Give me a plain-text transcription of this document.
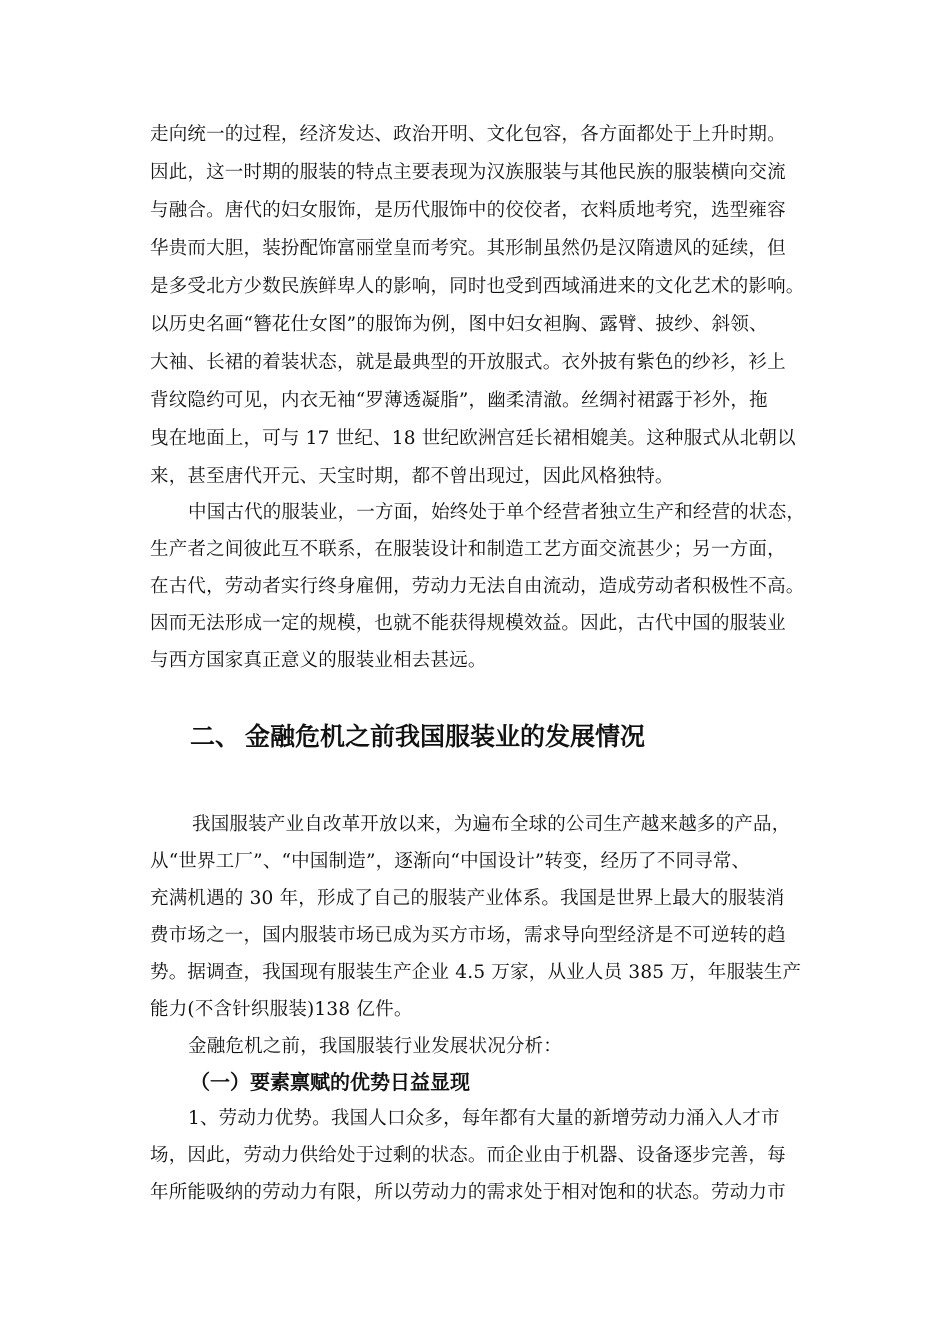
走向统一的过程，经济发达、政治开明、文化包容，各方面都处于上升时期。
因此，这一时期的服装的特点主要表现为汉族服装与其他民族的服装横向交流
与融合。唐代的妇女服饰，是历代服饰中的佼佼者，衣料质地考究，选型雍容
华贵而大胆，装扮配饰富丽堂皇而考究。其形制虽然仍是汉隋遗风的延续，但
是多受北方少数民族鲜卑人的影响，同时也受到西域涌进来的文化艺术的影响。
以历史名画“簪花仕女图”的服饰为例，图中妇女袒胸、露臂、披纱、斜领、
大袖、长裙的着装状态，就是最典型的开放服式。衣外披有紫色的纱衫，衫上
背纹隐约可见，内衣无袖“罗薄透凝脂”，幽柔清澈。丝绸衬裙露于衫外，拖
曳在地面上，可与 17 世纪、18 世纪欧洲宫廷长裙相媲美。这种服式从北朝以
来，甚至唐代开元、天宝时期，都不曾出现过，因此风格独特。
中国古代的服装业，一方面，始终处于单个经营者独立生产和经营的状态，
生产者之间彼此互不联系，在服装设计和制造工艺方面交流甚少；另一方面，
在古代，劳动者实行终身雇佣，劳动力无法自由流动，造成劳动者积极性不高。
因而无法形成一定的规模，也就不能获得规模效益。因此，古代中国的服装业
与西方国家真正意义的服装业相去甚远。
二、 金融危机之前我国服装业的发展情况
我国服装产业自改革开放以来，为遍布全球的公司生产越来越多的产品，
从“世界工厂”、“中国制造”，逐渐向“中国设计”转变，经历了不同寻常、
充满机遇的 30 年，形成了自己的服装产业体系。我国是世界上最大的服装消
费市场之一，国内服装市场已成为买方市场，需求导向型经济是不可逆转的趋
势。据调查，我国现有服装生产企业 4.5 万家，从业人员 385 万，年服装生产
能力(不含针织服装)138 亿件。
金融危机之前，我国服装行业发展状况分析：
（一）要素禀赋的优势日益显现
1、劳动力优势。我国人口众多，每年都有大量的新增劳动力涌入人才市
场，因此，劳动力供给处于过剩的状态。而企业由于机器、设备逐步完善，每
年所能吸纳的劳动力有限，所以劳动力的需求处于相对饱和的状态。劳动力市
